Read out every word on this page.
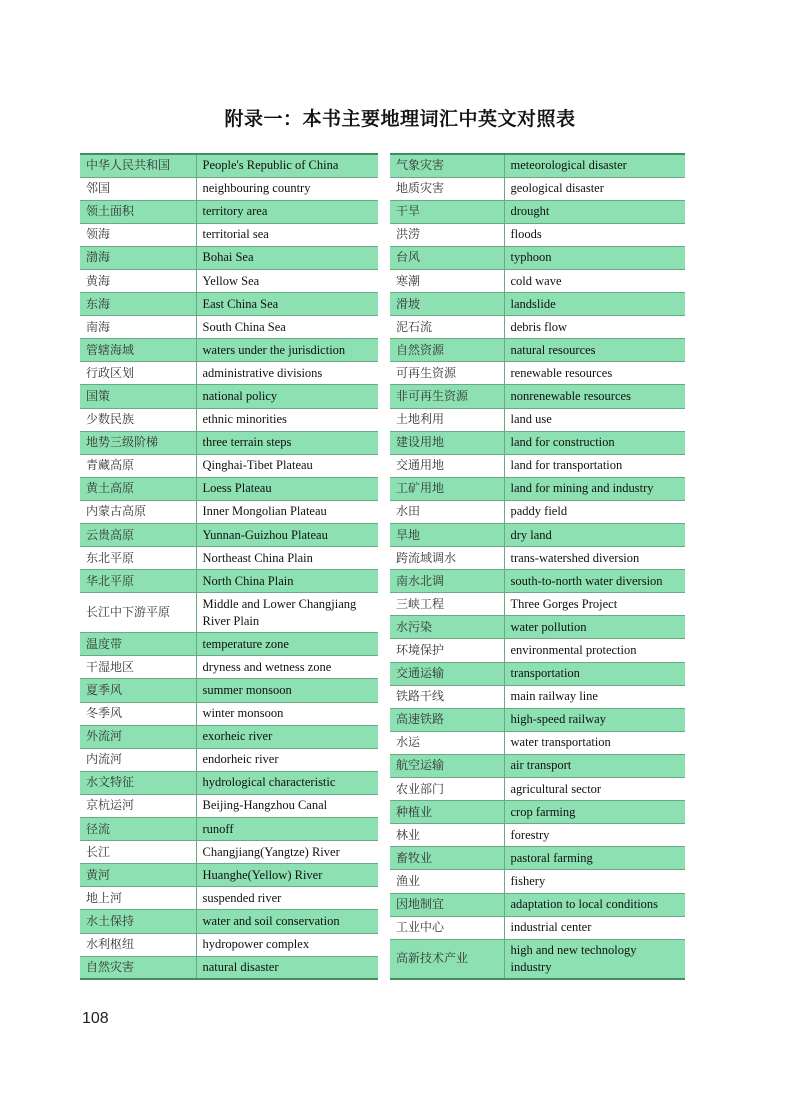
附录一：本书主要地理词汇中英文对照表
中华人民共和国	People's Republic of China
邻国	neighbouring country
领土面积	territory area
领海	territorial sea
渤海	Bohai Sea
黄海	Yellow Sea
东海	East China Sea
南海	South China Sea
管辖海域	waters under the jurisdiction
行政区划	administrative divisions
国策	national policy
少数民族	ethnic minorities
地势三级阶梯	three terrain steps
青藏高原	Qinghai-Tibet Plateau
黄土高原	Loess Plateau
内蒙古高原	Inner Mongolian Plateau
云贵高原	Yunnan-Guizhou Plateau
东北平原	Northeast China Plain
华北平原	North China Plain
长江中下游平原	Middle and Lower Changjiang River Plain
温度带	temperature zone
干湿地区	dryness and wetness zone
夏季风	summer monsoon
冬季风	winter monsoon
外流河	exorheic river
内流河	endorheic river
水文特征	hydrological characteristic
京杭运河	Beijing-Hangzhou Canal
径流	runoff
长江	Changjiang(Yangtze) River
黄河	Huanghe(Yellow) River
地上河	suspended river
水土保持	water and soil conservation
水利枢纽	hydropower complex
自然灾害	natural disaster
气象灾害	meteorological disaster
地质灾害	geological disaster
干旱	drought
洪涝	floods
台风	typhoon
寒潮	cold wave
滑坡	landslide
泥石流	debris flow
自然资源	natural resources
可再生资源	renewable resources
非可再生资源	nonrenewable resources
土地利用	land use
建设用地	land for construction
交通用地	land for transportation
工矿用地	land for mining and industry
水田	paddy field
旱地	dry land
跨流域调水	trans-watershed diversion
南水北调	south-to-north water diversion
三峡工程	Three Gorges Project
水污染	water pollution
环境保护	environmental protection
交通运输	transportation
铁路干线	main railway line
高速铁路	high-speed railway
水运	water transportation
航空运输	air transport
农业部门	agricultural sector
种植业	crop farming
林业	forestry
畜牧业	pastoral farming
渔业	fishery
因地制宜	adaptation to local conditions
工业中心	industrial center
高新技术产业	high and new technology industry
108
